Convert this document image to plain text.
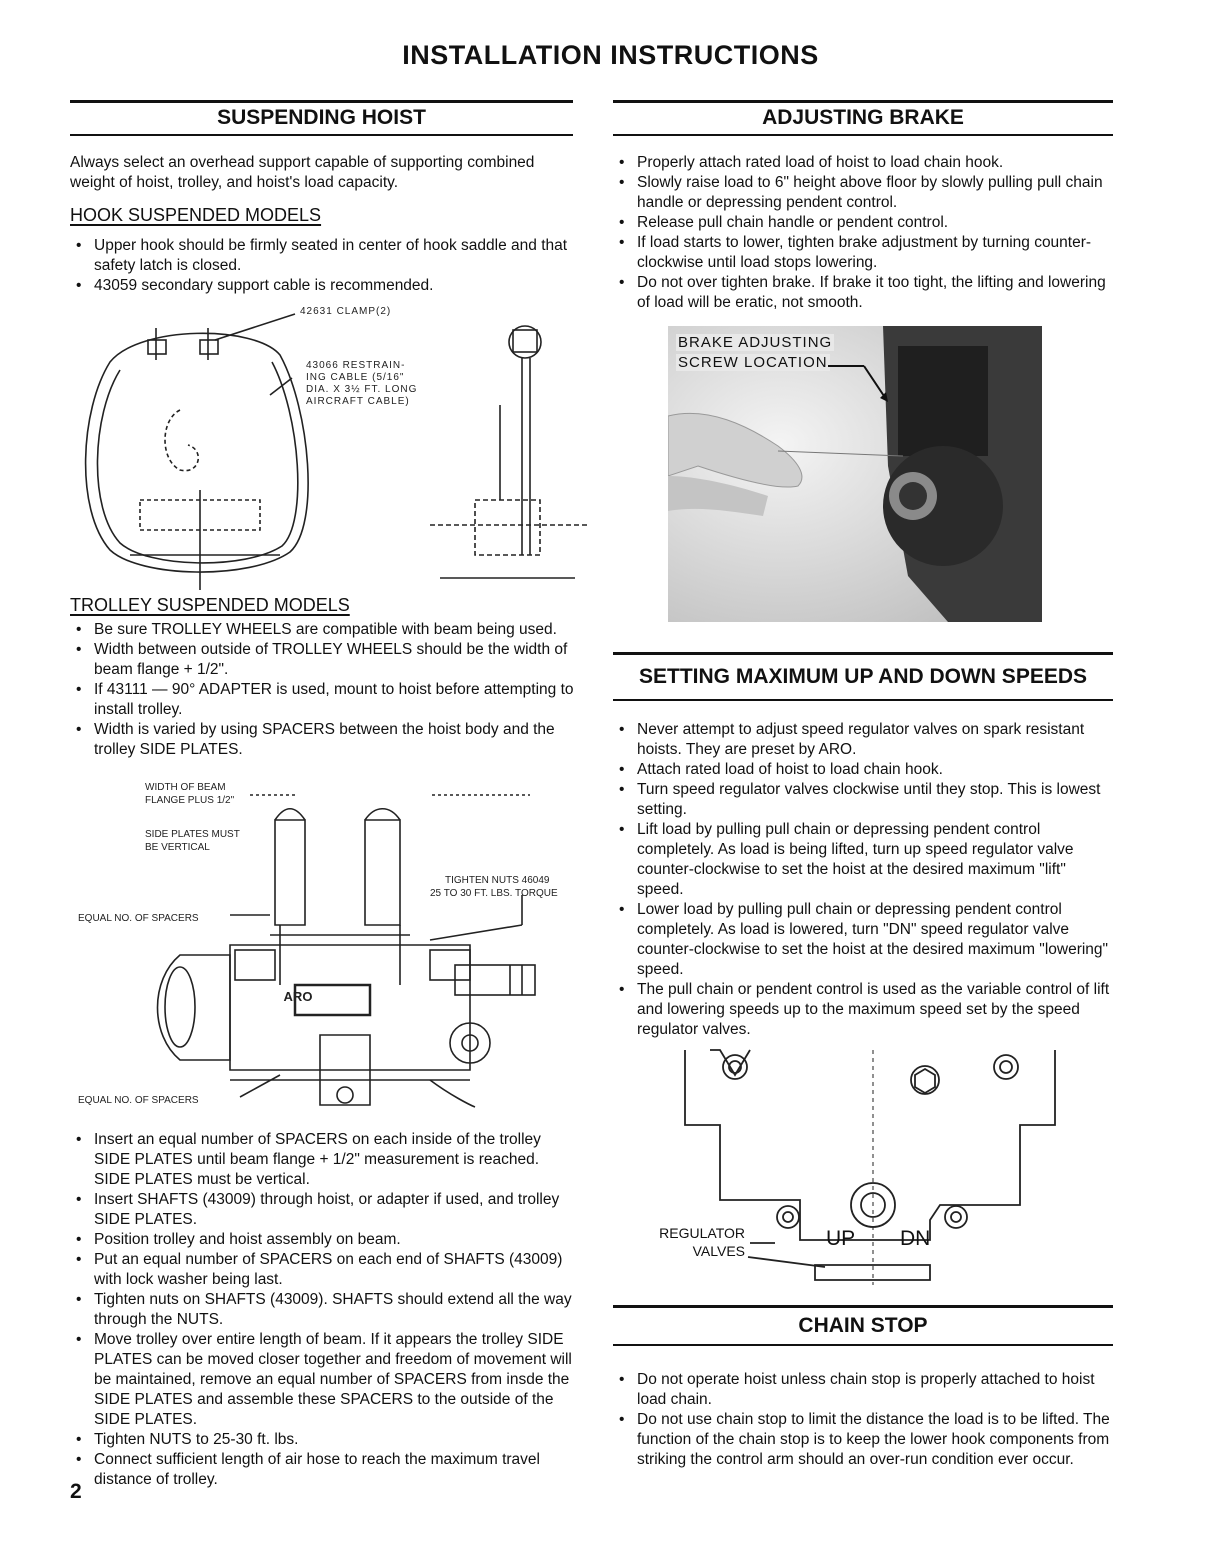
INSTALLATION INSTRUCTIONS
SUSPENDING HOIST

Always select an overhead support capable of supporting combined weight of hoist, trolley, and hoist's load capacity.

HOOK SUSPENDED MODELS

• Upper hook should be firmly seated in center of hook saddle and that safety latch is closed.
• 43059 secondary support cable is recommended.
42631 CLAMP(2)
43066 RESTRAIN-
ING CABLE (5/16"
DIA. X 3½ FT. LONG
AIRCRAFT CABLE)

TROLLEY SUSPENDED MODELS

• Be sure TROLLEY WHEELS are compatible with beam being used.
• Width between outside of TROLLEY WHEELS should be the width of beam flange + 1/2".
• If 43111 — 90° ADAPTER is used, mount to hoist before attempting to install trolley.
• Width is varied by using SPACERS between the hoist body and the trolley SIDE PLATES.
ARO
WIDTH OF BEAM
FLANGE PLUS 1/2"
SIDE PLATES MUST
BE VERTICAL
TIGHTEN NUTS 46049
25 TO 30 FT. LBS. TORQUE
EQUAL NO. OF SPACERS
EQUAL NO. OF SPACERS
• Insert an equal number of SPACERS on each inside of the trolley SIDE PLATES until beam flange + 1/2" measurement is reached. SIDE PLATES must be vertical.
• Insert SHAFTS (43009) through hoist, or adapter if used, and trolley SIDE PLATES.
• Position trolley and hoist assembly on beam.
• Put an equal number of SPACERS on each end of SHAFTS (43009) with lock washer being last.
• Tighten nuts on SHAFTS (43009). SHAFTS should extend all the way through the NUTS.
• Move trolley over entire length of beam. If it appears the trolley SIDE PLATES can be moved closer together and freedom of movement will be maintained, remove an equal number of SPACERS from insde the SIDE PLATES and assemble these SPACERS to the outside of the SIDE PLATES.
• Tighten NUTS to 25-30 ft. lbs.
• Connect sufficient length of air hose to reach the maximum travel distance of trolley.
2
ADJUSTING BRAKE
• Properly attach rated load of hoist to load chain hook.
• Slowly raise load to 6" height above floor by slowly pulling pull chain handle or depressing pendent control.
• Release pull chain handle or pendent control.
• If load starts to lower, tighten brake adjustment by turning counter-clockwise until load stops lowering.
• Do not over tighten brake. If brake it too tight, the lifting and lowering of load will be eratic, not smooth.
BRAKE ADJUSTING
SCREW LOCATION
SETTING MAXIMUM UP AND DOWN SPEEDS
• Never attempt to adjust speed regulator valves on spark resistant hoists. They are preset by ARO.
• Attach rated load of hoist to load chain hook.
• Turn speed regulator valves clockwise until they stop. This is lowest setting.
• Lift load by pulling pull chain or depressing pendent control completely. As load is being lifted, turn up speed regulator valve counter-clockwise to set the hoist at the desired maximum "lift" speed.
• Lower load by pulling pull chain or depressing pendent control completely. As load is lowered, turn "DN" speed regulator valve counter-clockwise to set the hoist at the desired maximum "lowering" speed.
• The pull chain or pendent control is used as the variable control of lift and lowering speeds up to the maximum speed set by the speed regulator valves.
UP DN
REGULATOR
VALVES
CHAIN STOP
• Do not operate hoist unless chain stop is properly attached to hoist load chain.
• Do not use chain stop to limit the distance the load is to be lifted. The function of the chain stop is to keep the lower hook components from striking the control arm should an over-run condition ever occur.
